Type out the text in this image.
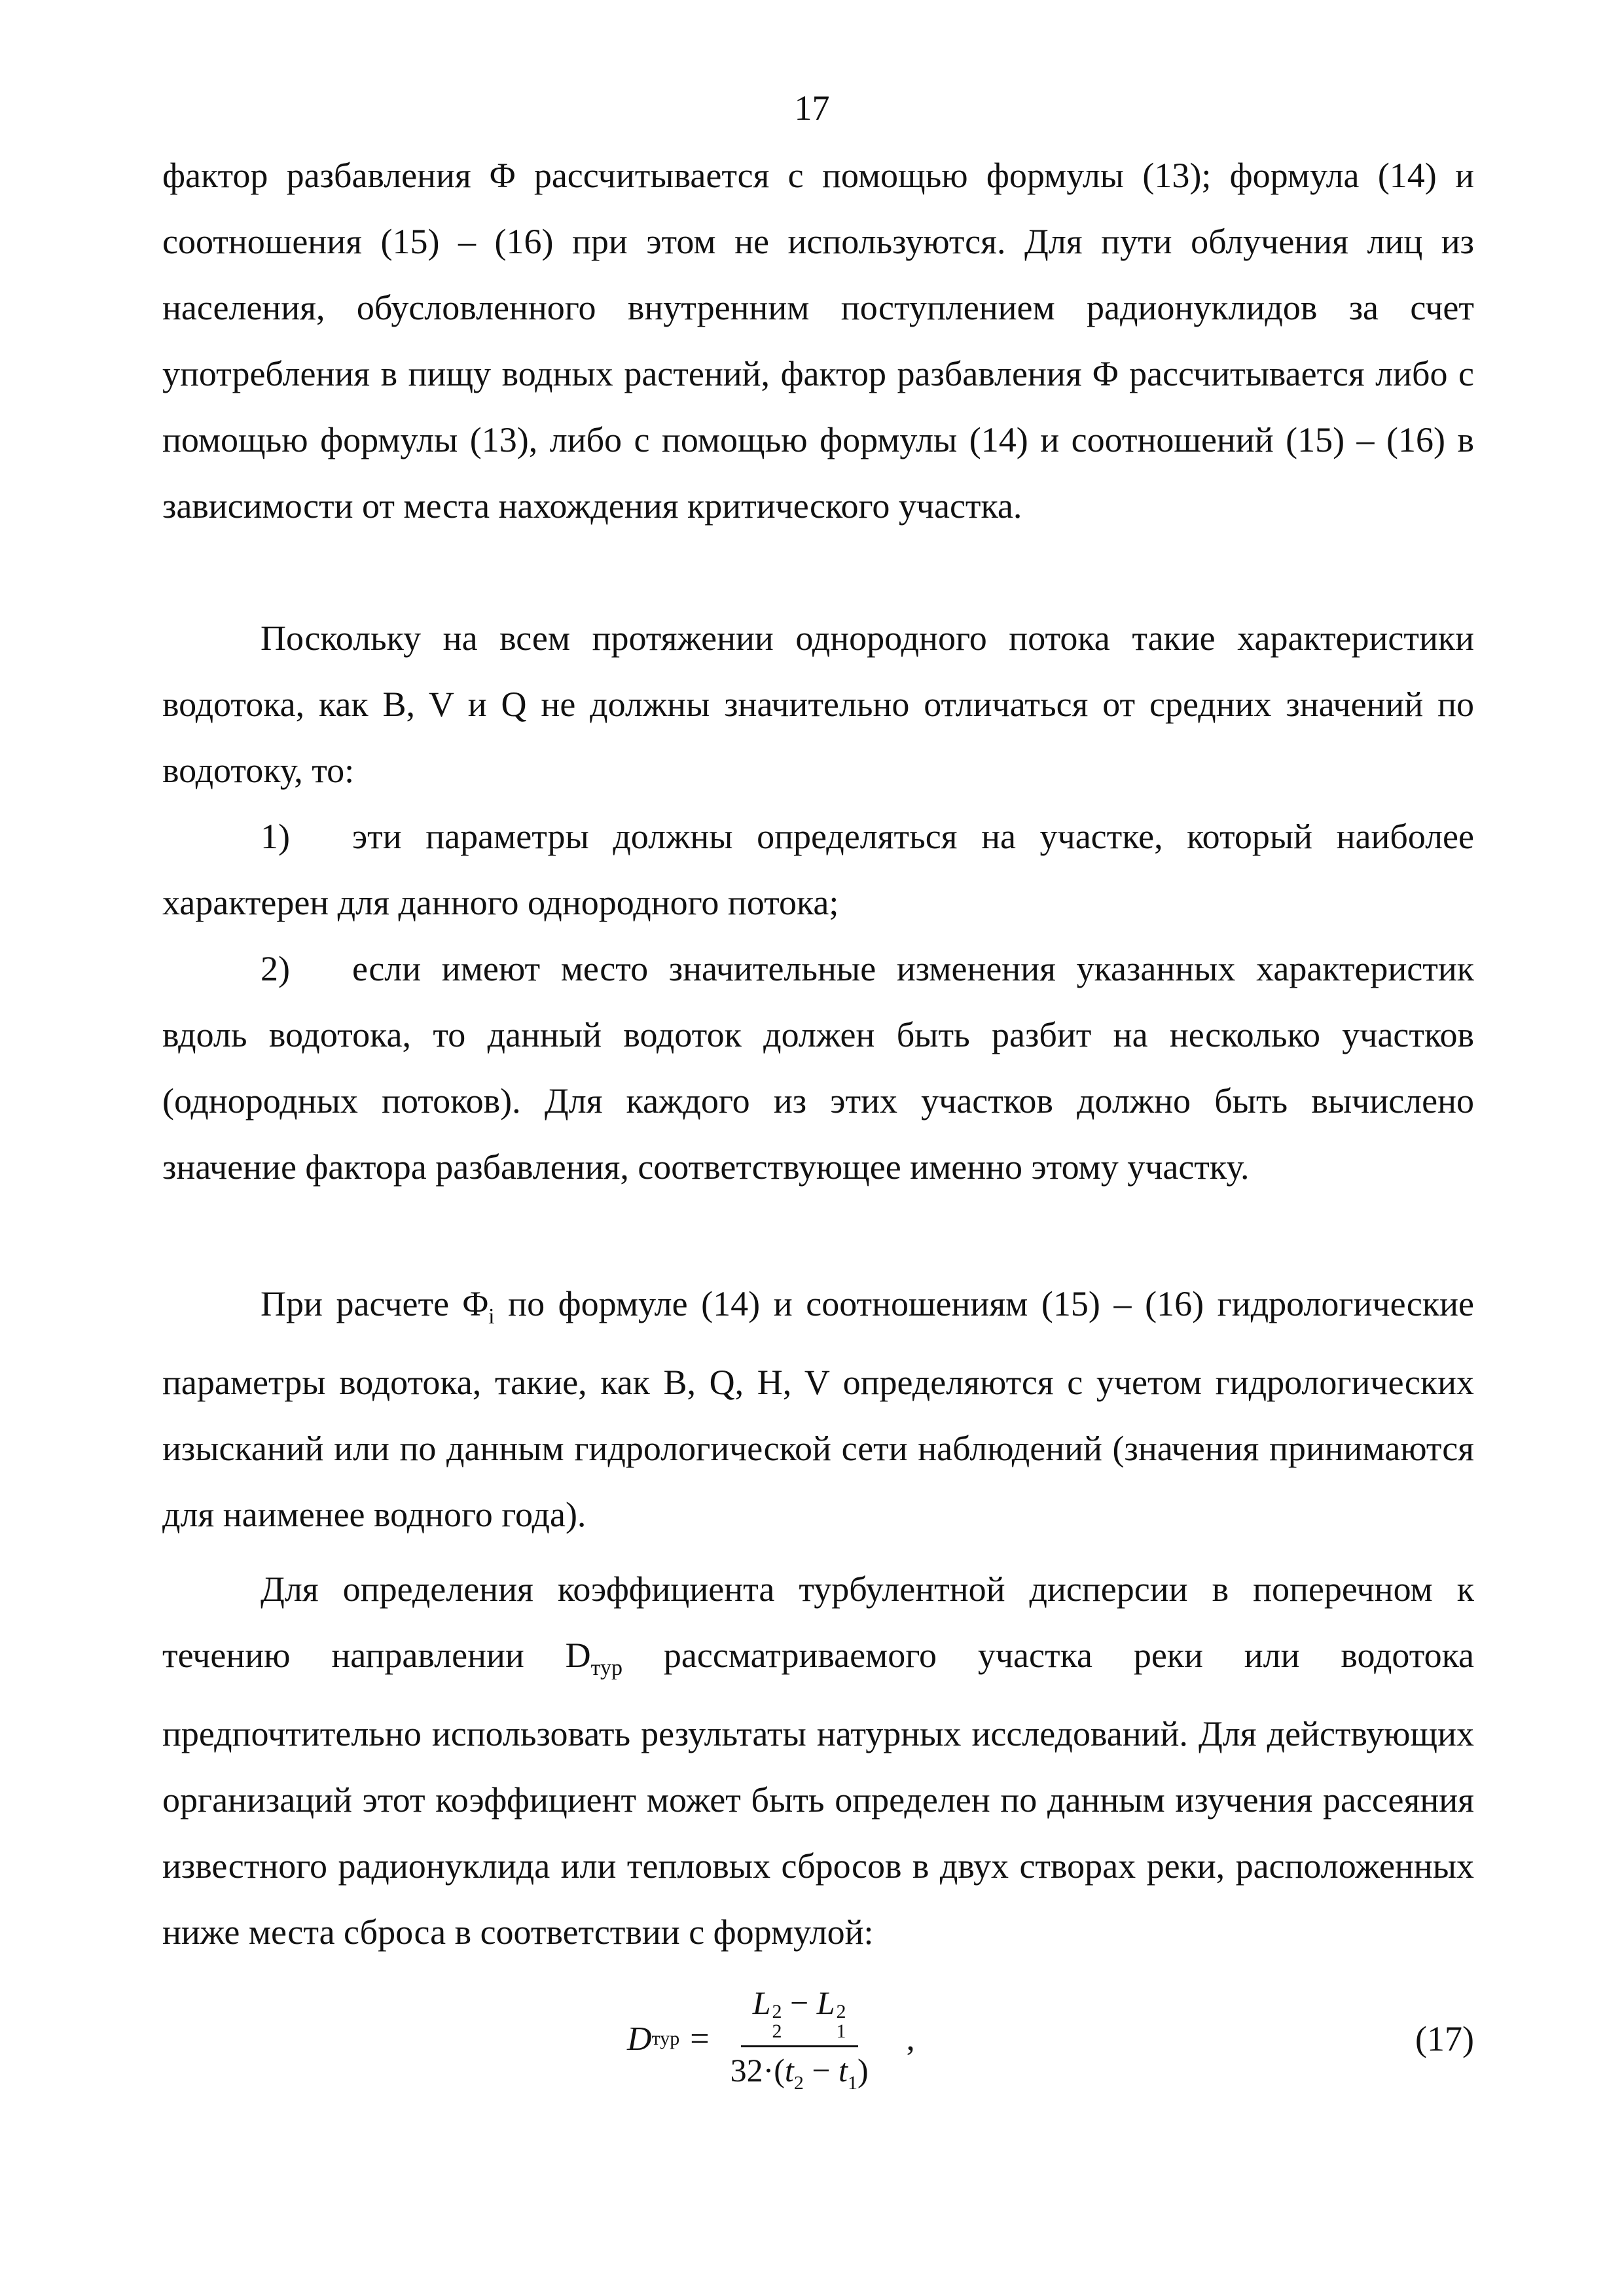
17
фактор разбавления Φ рассчитывается с помощью формулы (13); формула (14) и соотношения (15) – (16) при этом не используются. Для пути облучения лиц из населения, обусловленного внутренним поступлением радионуклидов за счет употребления в пищу водных растений, фактор разбавления Φ рассчитывается либо с помощью формулы (13), либо с помощью формулы (14) и соотношений (15) – (16) в зависимости от места нахождения критического участка.
Поскольку на всем протяжении однородного потока такие характеристики водотока, как B, V и Q не должны значительно отличаться от средних значений по водотоку, то:
1) эти параметры должны определяться на участке, который наиболее характерен для данного однородного потока;
2) если имеют место значительные изменения указанных характеристик вдоль водотока, то данный водоток должен быть разбит на несколько участков (однородных потоков). Для каждого из этих участков должно быть вычислено значение фактора разбавления, соответствующее именно этому участку.
При расчете $\Phi_i$ по формуле (14) и соотношениям (15) – (16) гидрологические параметры водотока, такие, как B, Q, H, V определяются с учетом гидрологических изысканий или по данным гидрологической сети наблюдений (значения принимаются для наименее водного года).
Для определения коэффициента турбулентной дисперсии в поперечном к течению направлении $D_{тур}$ рассматриваемого участка реки или водотока предпочтительно использовать результаты натурных исследований. Для действующих организаций этот коэффициент может быть определен по данным изучения рассеяния известного радионуклида или тепловых сбросов в двух створах реки, расположенных ниже места сброса в соответствии с формулой:
D тур = L 2
2
− L 2
1
$32\cdot(t_2 - t_1)$ ,	(17)
